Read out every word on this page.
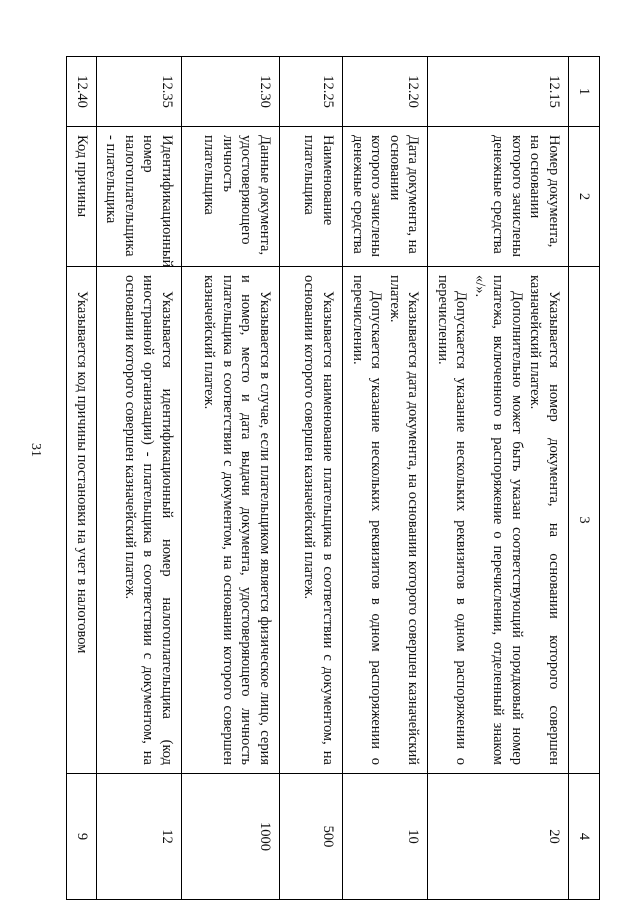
31
1	2	3	4
12.15	Номер документа, на основании которого зачислены денежные средства	Указывается номер документа, на основании которого совершен казначейский платеж.

Дополнительно может быть указан соответствующий порядковый номер платежа, включенного в распоряжение о перечислении, отделенный знаком «/».

Допускается указание нескольких реквизитов в одном распоряжении о перечислении.	20
12.20	Дата документа, на основании которого зачислены денежные средства	Указывается дата документа, на основании которого совершен казначейский платеж.

Допускается указание нескольких реквизитов в одном распоряжении о перечислении.	10
12.25	Наименование плательщика	Указывается наименование плательщика в соответствии с документом, на основании которого совершен казначейский платеж.	500
12.30	Данные документа, удостоверяющего личность плательщика	Указывается в случае, если плательщиком является физическое лицо, серия и номер, место и дата выдачи документа, удостоверяющего личность плательщика в соответствии с документом, на основании которого совершен казначейский платеж.	1000
12.35	Идентификационный номер налогоплательщика - плательщика	Указывается идентификационный номер налогоплательщика (код иностранной организации) - плательщика в соответствии с документом, на основании которого совершен казначейский платеж.	12
12.40	Код причины	Указывается код причины постановки на учет в налоговом	9
